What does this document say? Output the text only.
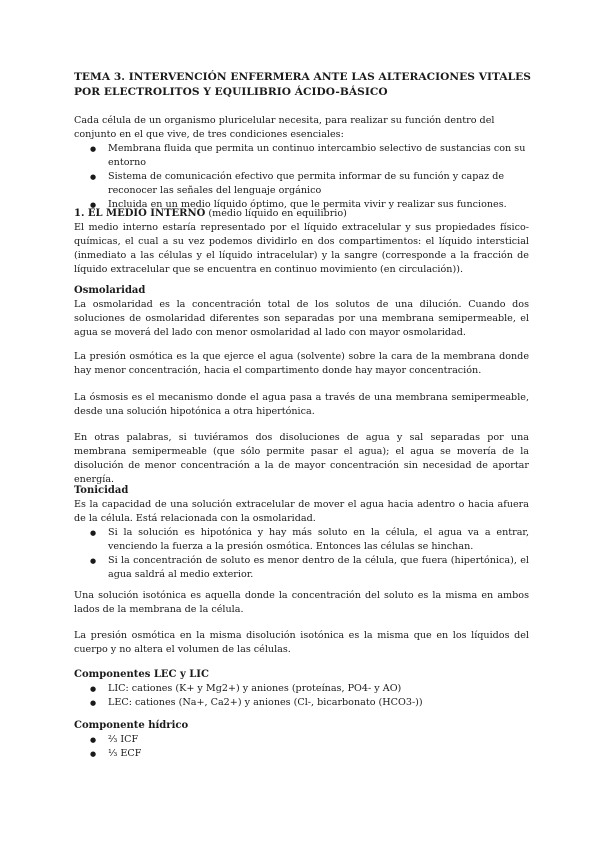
TEMA 3. INTERVENCIÓN ENFERMERA ANTE LAS ALTERACIONES VITALES POR ELECTROLITOS Y EQUILIBRIO ÁCIDO-BÁSICO

Cada célula de un organismo pluricelular necesita, para realizar su función dentro del conjunto en el que vive, de tres condiciones esenciales:

● Membrana fluida que permita un continuo intercambio selectivo de sustancias con su entorno
● Sistema de comunicación efectivo que permita informar de su función y capaz de reconocer las señales del lenguaje orgánico
● Incluida en un medio líquido óptimo, que le permita vivir y realizar sus funciones.

1. EL MEDIO INTERNO (medio líquido en equilibrio)

El medio interno estaría representado por el líquido extracelular y sus propiedades físico-químicas, el cual a su vez podemos dividirlo en dos compartimentos: el líquido intersticial (inmediato a las células y el líquido intracelular) y la sangre (corresponde a la fracción de líquido extracelular que se encuentra en continuo movimiento (en circulación)).

Osmolaridad

La osmolaridad es la concentración total de los solutos de una dilución. Cuando dos soluciones de osmolaridad diferentes son separadas por una membrana semipermeable, el agua se moverá del lado con menor osmolaridad al lado con mayor osmolaridad.

La presión osmótica es la que ejerce el agua (solvente) sobre la cara de la membrana donde hay menor concentración, hacia el compartimento donde hay mayor concentración.
La ósmosis es el mecanismo donde el agua pasa a través de una membrana semipermeable, desde una solución hipotónica a otra hipertónica.
En otras palabras, si tuviéramos dos disoluciones de agua y sal separadas por una membrana semipermeable (que sólo permite pasar el agua); el agua se movería de la disolución de menor concentración a la de mayor concentración sin necesidad de aportar energía.

Tonicidad

Es la capacidad de una solución extracelular de mover el agua hacia adentro o hacia afuera de la célula. Está relacionada con la osmolaridad.

● Si la solución es hipotónica y hay más soluto en la célula, el agua va a entrar, venciendo la fuerza a la presión osmótica. Entonces las células se hinchan.
● Si la concentración de soluto es menor dentro de la célula, que fuera (hipertónica), el agua saldrá al medio exterior.
Una solución isotónica es aquella donde la concentración del soluto es la misma en ambos lados de la membrana de la célula.
La presión osmótica en la misma disolución isotónica es la misma que en los líquidos del cuerpo y no altera el volumen de las células.

Componentes LEC y LIC

● LIC: cationes (K+ y Mg2+) y aniones (proteínas, PO4- y AO)
● LEC: cationes (Na+, Ca2+) y aniones (Cl-, bicarbonato (HCO3-))

Componente hídrico

● ⅔ ICF
● ⅓ ECF
